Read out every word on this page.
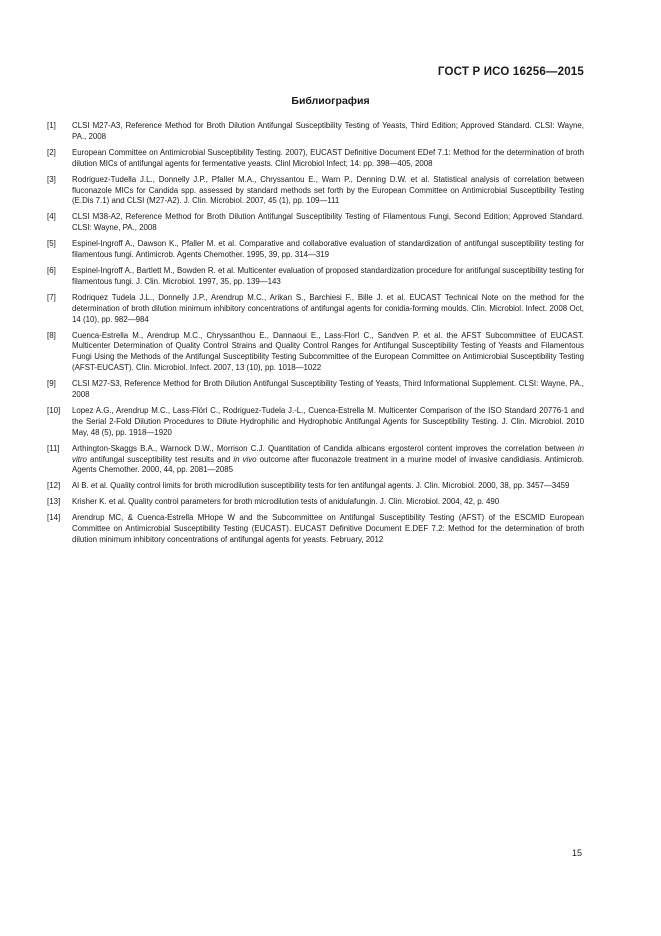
ГОСТ Р ИСО 16256—2015
Библиография
[1] CLSI M27-A3, Reference Method for Broth Dilution Antifungal Susceptibility Testing of Yeasts, Third Edition; Approved Standard. CLSI: Wayne, PA., 2008
[2] European Committee on Antimicrobial Susceptibility Testing. 2007), EUCAST Definitive Document EDef 7.1: Method for the determination of broth dilution MICs of antifungal agents for fermentative yeasts. Clinl Microbiol Infect; 14: pp. 398—405, 2008
[3] Rodriguez-Tudella J.L., Donnelly J.P., Pfaller M.A., Chryssantou E., Warn P., Denning D.W. et al. Statistical analysis of correlation between fluconazole MICs for Candida spp. assessed by standard methods set forth by the European Committee on Antimicrobial Susceptibility Testing (E.Dis 7.1) and CLSI (M27-A2). J. Clin. Microbiol. 2007, 45 (1), pp. 109—111
[4] CLSI M38-A2, Reference Method for Broth Dilution Antifungal Susceptibility Testing of Filamentous Fungi, Second Edition; Approved Standard. CLSI: Wayne, PA., 2008
[5] Espinel-Ingroff A., Dawson K., Pfaller M. et al. Comparative and collaborative evaluation of standardization of antifungal susceptibility testing for filamentous fungi. Antimicrob. Agents Chemother. 1995, 39, pp. 314—319
[6] Espinel-Ingroff A., Bartlett M., Bowden R. et al. Multicenter evaluation of proposed standardization procedure for antifungal susceptibility testing for filamentous fungi. J. Clin. Microbiol. 1997, 35, pp. 139—143
[7] Rodriquez Tudela J.L., Donnelly J.P., Arendrup M.C., Arikan S., Barchiesi F., Bille J. et al. EUCAST Technical Note on the method for the determination of broth dilution minimum inhibitory concentrations of antifungal agents for conidia-forming moulds. Clin. Microbiol. Infect. 2008 Oct, 14 (10), pp. 982—984
[8] Cuenca-Estrella M., Arendrup M.C., Chryssanthou E., Dannaoui E., Lass-Florl C., Sandven P. et al. the AFST Subcommittee of EUCAST. Multicenter Determination of Quality Control Strains and Quality Control Ranges for Antifungal Susceptibility Testing of Yeasts and Filamentous Fungi Using the Methods of the Antifungal Susceptibility Testing Subcommittee of the European Committee on Antimicrobial Susceptibility Testing (AFST-EUCAST). Clin. Microbiol. Infect. 2007, 13 (10), pp. 1018—1022
[9] CLSI M27-S3, Reference Method for Broth Dilution Antifungal Susceptibility Testing of Yeasts, Third Informational Supplement. CLSI: Wayne, PA., 2008
[10] Lopez A.G., Arendrup M.C., Lass-Flörl C., Rodriguez-Tudela J.-L., Cuenca-Estrella M. Multicenter Comparison of the ISO Standard 20776-1 and the Serial 2-Fold Dilution Procedures to Dilute Hydrophilic and Hydrophobic Antifungal Agents for Susceptibility Testing. J. Clin. Microbiol. 2010 May, 48 (5), pp. 1918—1920
[11] Arthington-Skaggs B.A., Warnock D.W., Morrison C.J. Quantitation of Candida albicans ergosterol content improves the correlation between in vitro antifungal susceptibility test results and in vivo outcome after fluconazole treatment in a murine model of invasive candidiasis. Antimicrob. Agents Chemother. 2000, 44, pp. 2081—2085
[12] Al B. et al. Quality control limits for broth microdilution susceptibility tests for ten antifungal agents. J. Clin. Microbiol. 2000, 38, pp. 3457—3459
[13] Krisher K. et al. Quality control parameters for broth microdilution tests of anidulafungin. J. Clin. Microbiol. 2004, 42, p. 490
[14] Arendrup MC, & Cuenca-Estrella MHope W and the Subcommittee on Antifungal Susceptibility Testing (AFST) of the ESCMID European Committee on Antimicrobial Susceptibility Testing (EUCAST). EUCAST Definitive Document E.DEF 7.2: Method for the determination of broth dilution minimum inhibitory concentrations of antifungal agents for yeasts. February, 2012
15
